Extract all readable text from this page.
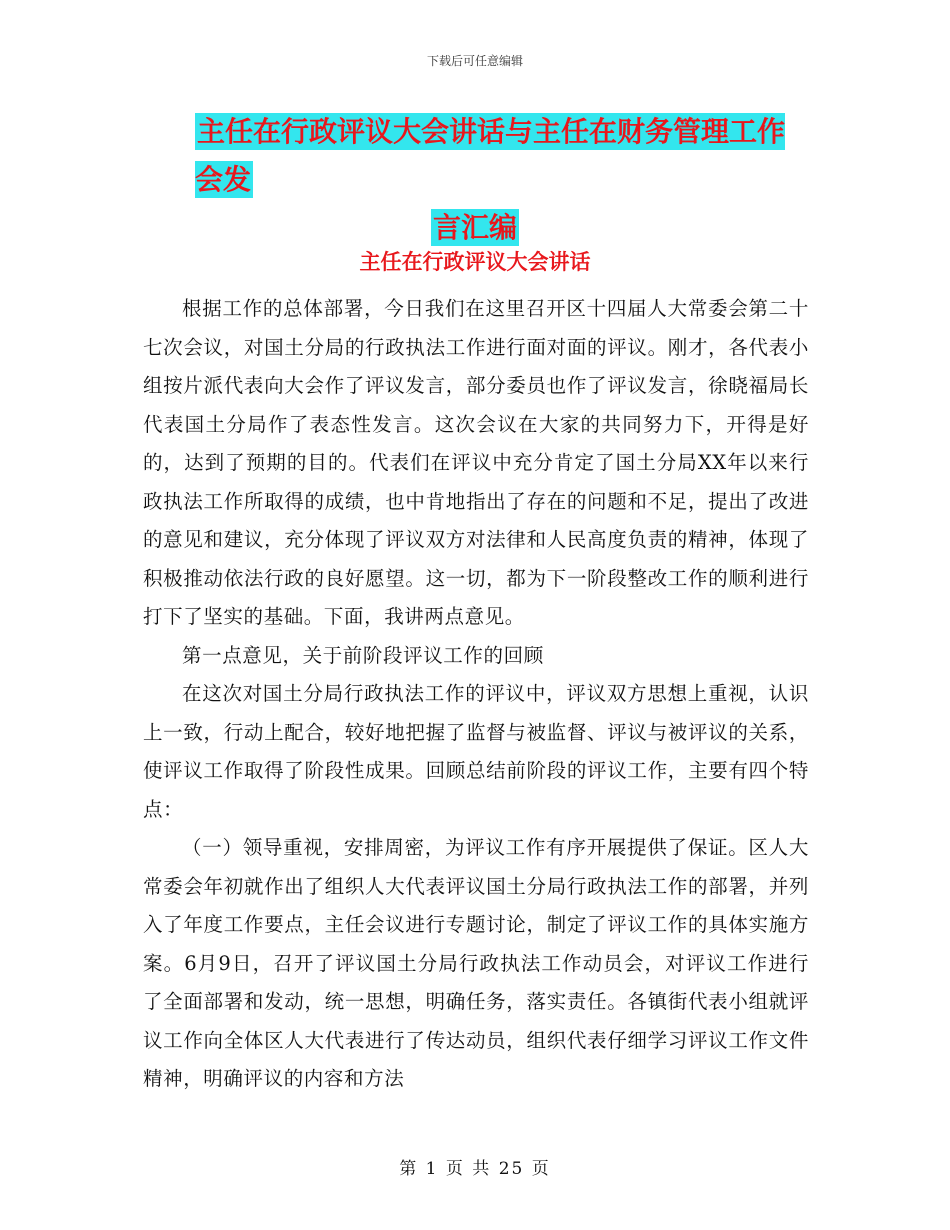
下载后可任意编辑
主任在行政评议大会讲话与主任在财务管理工作会发
言汇编
主任在行政评议大会讲话

根据工作的总体部署，今日我们在这里召开区十四届人大常委会第二十七次会议，对国土分局的行政执法工作进行面对面的评议。刚才，各代表小组按片派代表向大会作了评议发言，部分委员也作了评议发言，徐晓福局长代表国土分局作了表态性发言。这次会议在大家的共同努力下，开得是好的，达到了预期的目的。代表们在评议中充分肯定了国土分局XX年以来行政执法工作所取得的成绩，也中肯地指出了存在的问题和不足，提出了改进的意见和建议，充分体现了评议双方对法律和人民高度负责的精神，体现了积极推动依法行政的良好愿望。这一切，都为下一阶段整改工作的顺利进行打下了坚实的基础。下面，我讲两点意见。

第一点意见，关于前阶段评议工作的回顾

在这次对国土分局行政执法工作的评议中，评议双方思想上重视，认识上一致，行动上配合，较好地把握了监督与被监督、评议与被评议的关系，使评议工作取得了阶段性成果。回顾总结前阶段的评议工作，主要有四个特点：

（一）领导重视，安排周密，为评议工作有序开展提供了保证。区人大常委会年初就作出了组织人大代表评议国土分局行政执法工作的部署，并列入了年度工作要点，主任会议进行专题讨论，制定了评议工作的具体实施方案。6月9日，召开了评议国土分局行政执法工作动员会，对评议工作进行了全面部署和发动，统一思想，明确任务，落实责任。各镇街代表小组就评议工作向全体区人大代表进行了传达动员，组织代表仔细学习评议工作文件精神，明确评议的内容和方法

第 1 页 共 25 页
